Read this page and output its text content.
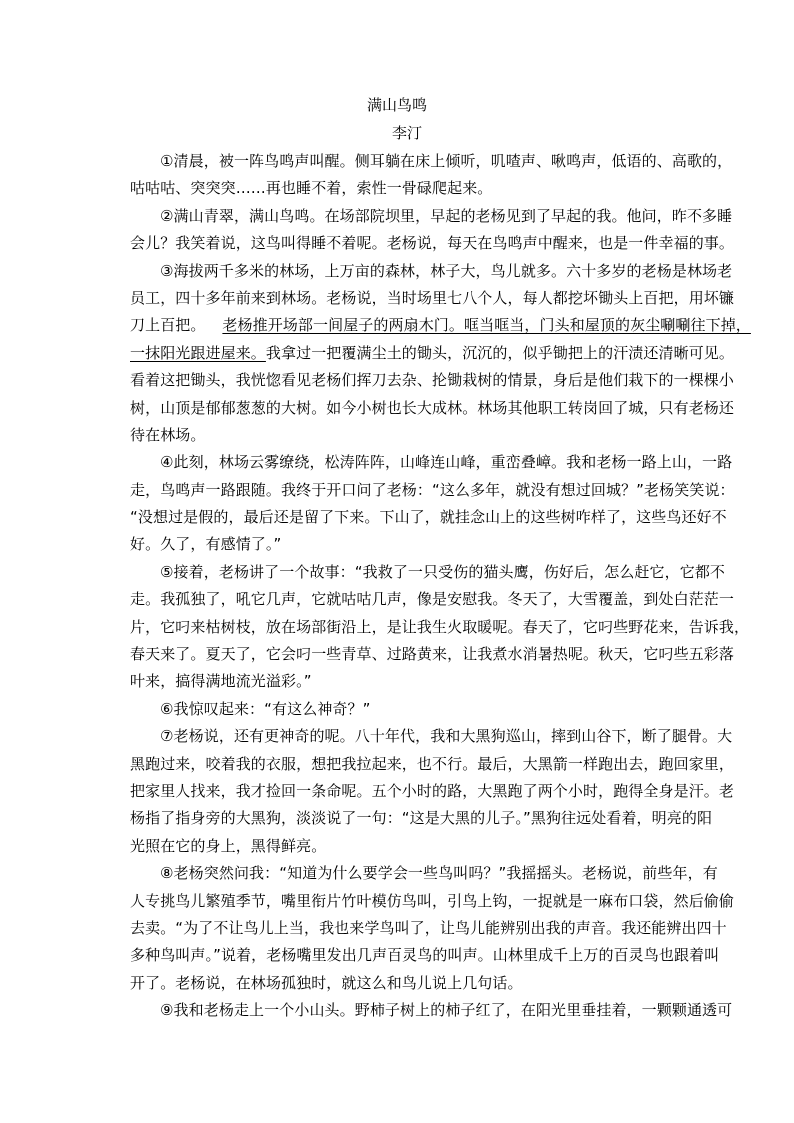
满山鸟鸣
李汀
①清晨，被一阵鸟鸣声叫醒。侧耳躺在床上倾听，叽喳声、啾鸣声，低语的、高歌的，
咕咕咕、突突突……再也睡不着，索性一骨碌爬起来。
②满山青翠，满山鸟鸣。在场部院坝里，早起的老杨见到了早起的我。他问，昨不多睡
会儿？我笑着说，这鸟叫得睡不着呢。老杨说，每天在鸟鸣声中醒来，也是一件幸福的事。
③海拔两千多米的林场，上万亩的森林，林子大，鸟儿就多。六十多岁的老杨是林场老
员工，四十多年前来到林场。老杨说，当时场里七八个人，每人都挖坏锄头上百把，用坏镰
刀上百把。 老杨推开场部一间屋子的两扇木门。哐当哐当，门头和屋顶的灰尘唰唰往下掉，
一抹阳光跟进屋来。我拿过一把覆满尘土的锄头，沉沉的，似乎锄把上的汗渍还清晰可见。
看着这把锄头，我恍惚看见老杨们挥刀去杂、抡锄栽树的情景，身后是他们栽下的一棵棵小
树，山顶是郁郁葱葱的大树。如今小树也长大成林。林场其他职工转岗回了城，只有老杨还
待在林场。
④此刻，林场云雾缭绕，松涛阵阵，山峰连山峰，重峦叠嶂。我和老杨一路上山，一路
走，鸟鸣声一路跟随。我终于开口问了老杨：“这么多年，就没有想过回城？”老杨笑笑说：
“没想过是假的，最后还是留了下来。下山了，就挂念山上的这些树咋样了，这些鸟还好不
好。久了，有感情了。”
⑤接着，老杨讲了一个故事：“我救了一只受伤的猫头鹰，伤好后，怎么赶它，它都不
走。我孤独了，吼它几声，它就咕咕几声，像是安慰我。冬天了，大雪覆盖，到处白茫茫一
片，它叼来枯树枝，放在场部街沿上，是让我生火取暖呢。春天了，它叼些野花来，告诉我，
春天来了。夏天了，它会叼一些青草、过路黄来，让我煮水消暑热呢。秋天，它叼些五彩落
叶来，搞得满地流光溢彩。”
⑥我惊叹起来：“有这么神奇？”
⑦老杨说，还有更神奇的呢。八十年代，我和大黑狗巡山，摔到山谷下，断了腿骨。大
黑跑过来，咬着我的衣服，想把我拉起来，也不行。最后，大黑箭一样跑出去，跑回家里，
把家里人找来，我才捡回一条命呢。五个小时的路，大黑跑了两个小时，跑得全身是汗。老
杨指了指身旁的大黑狗，淡淡说了一句：“这是大黑的儿子。”黑狗往远处看着，明亮的阳
光照在它的身上，黑得鲜亮。
⑧老杨突然问我：“知道为什么要学会一些鸟叫吗？”我摇摇头。老杨说，前些年，有
人专挑鸟儿繁殖季节，嘴里衔片竹叶模仿鸟叫，引鸟上钩，一捉就是一麻布口袋，然后偷偷
去卖。“为了不让鸟儿上当，我也来学鸟叫了，让鸟儿能辨别出我的声音。我还能辨出四十
多种鸟叫声。”说着，老杨嘴里发出几声百灵鸟的叫声。山林里成千上万的百灵鸟也跟着叫
开了。老杨说，在林场孤独时，就这么和鸟儿说上几句话。
⑨我和老杨走上一个小山头。野柿子树上的柿子红了，在阳光里垂挂着，一颗颗通透可
